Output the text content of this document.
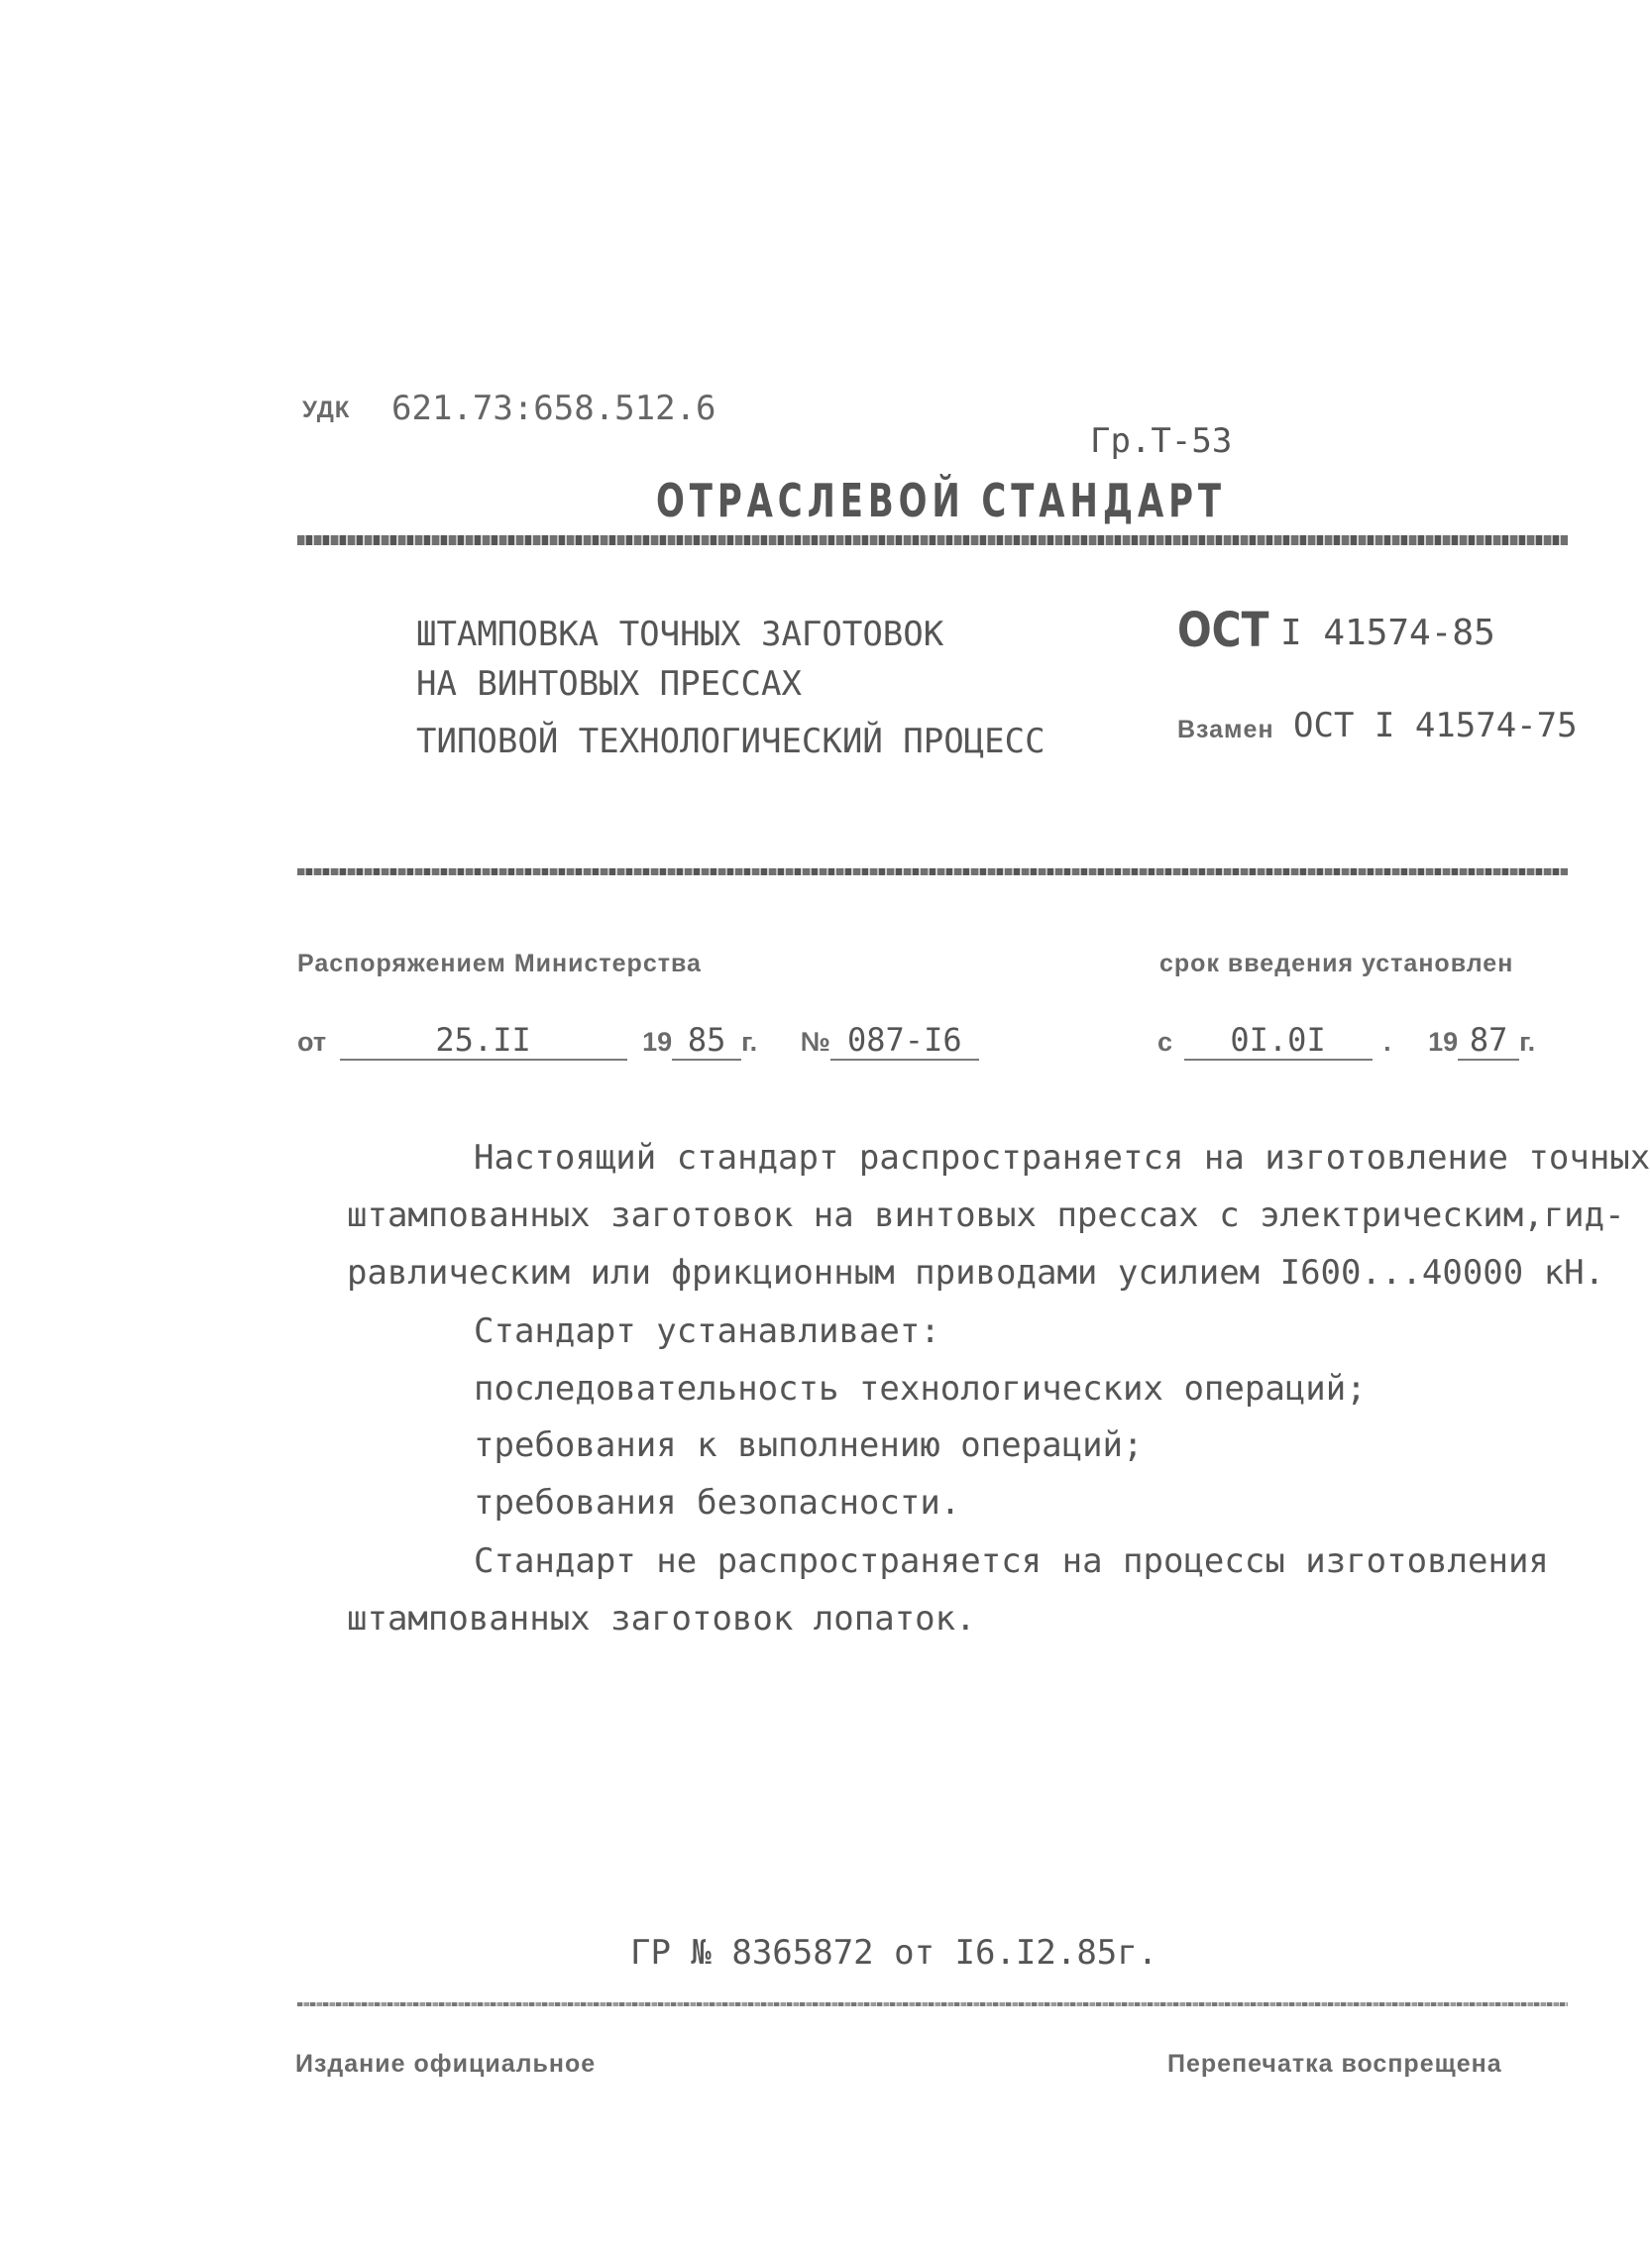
УДК 621.73:658.512.6
Гр.Т-53
ОТРАСЛЕВОЙ СТАНДАРТ
ШТАМПОВКА ТОЧНЫХ ЗАГОТОВОК
НА ВИНТОВЫХ ПРЕССАХ
ТИПОВОЙ ТЕХНОЛОГИЧЕСКИЙ ПРОЦЕСС
ОСТ I 41574-85
Взамен ОСТ I 41574-75
Распоряжением Министерства	срок введения установлен
от	25.II	19 85 г. № 087-I6	с 0I.0I . 19 87 г.
Настоящий стандарт распространяется на изготовление точных
штампованных заготовок на винтовых прессах с электрическим,гид-
равлическим или фрикционным приводами усилием I600...40000 кН.
Стандарт устанавливает:
последовательность технологических операций;
требования к выполнению операций;
требования безопасности.
Стандарт не распространяется на процессы изготовления
штампованных заготовок лопаток.
ГР № 8365872 от I6.I2.85г.
Издание официальное	Перепечатка воспрещена
